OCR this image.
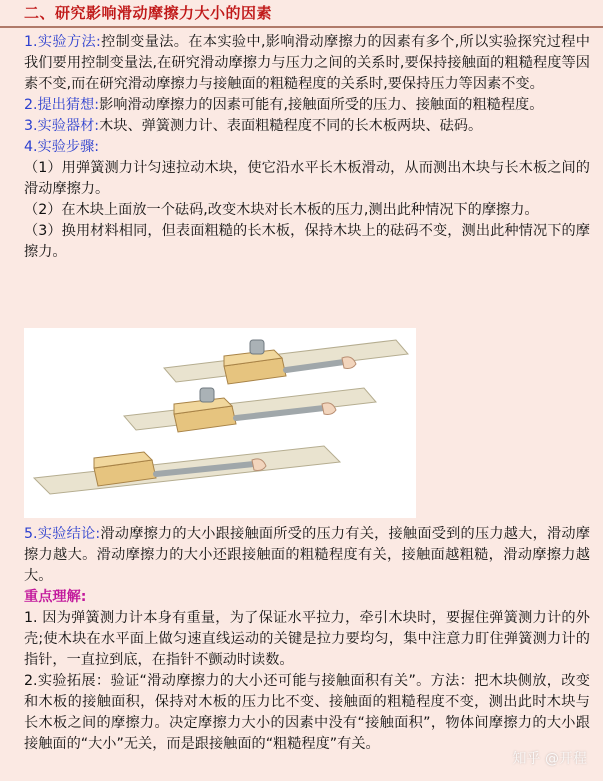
二、研究影响滑动摩擦力大小的因素

1.实验方法:控制变量法。在本实验中,影响滑动摩擦力的因素有多个,所以实验探究过程中我们要用控制变量法,在研究滑动摩擦力与压力之间的关系时,要保持接触面的粗糙程度等因素不变,而在研究滑动摩擦力与接触面的粗糙程度的关系时,要保持压力等因素不变。

2.提出猜想:影响滑动摩擦力的因素可能有,接触面所受的压力、接触面的粗糙程度。

3.实验器材:木块、弹簧测力计、表面粗糙程度不同的长木板两块、砝码。

4.实验步骤:

（1）用弹簧测力计匀速拉动木块，使它沿水平长木板滑动，从而测出木块与长木板之间的滑动摩擦力。

（2）在木块上面放一个砝码,改变木块对长木板的压力,测出此种情况下的摩擦力。

（3）换用材料相同，但表面粗糙的长木板，保持木块上的砝码不变，测出此种情况下的摩擦力。

5.实验结论:滑动摩擦力的大小跟接触面所受的压力有关，接触面受到的压力越大，滑动摩擦力越大。滑动摩擦力的大小还跟接触面的粗糙程度有关，接触面越粗糙，滑动摩擦力越大。

重点理解:

1. 因为弹簧测力计本身有重量，为了保证水平拉力，牵引木块时，要握住弹簧测力计的外壳;使木块在水平面上做匀速直线运动的关键是拉力要均匀，集中注意力盯住弹簧测力计的指针，一直拉到底，在指针不颤动时读数。

2.实验拓展：验证“滑动摩擦力的大小还可能与接触面积有关”。方法：把木块侧放，改变和木板的接触面积，保持对木板的压力比不变、接触面的粗糙程度不变，测出此时木块与长木板之间的摩擦力。决定摩擦力大小的因素中没有“接触面积”，物体间摩擦力的大小跟接触面的“大小”无关，而是跟接触面的“粗糙程度”有关。

知乎 @开程
